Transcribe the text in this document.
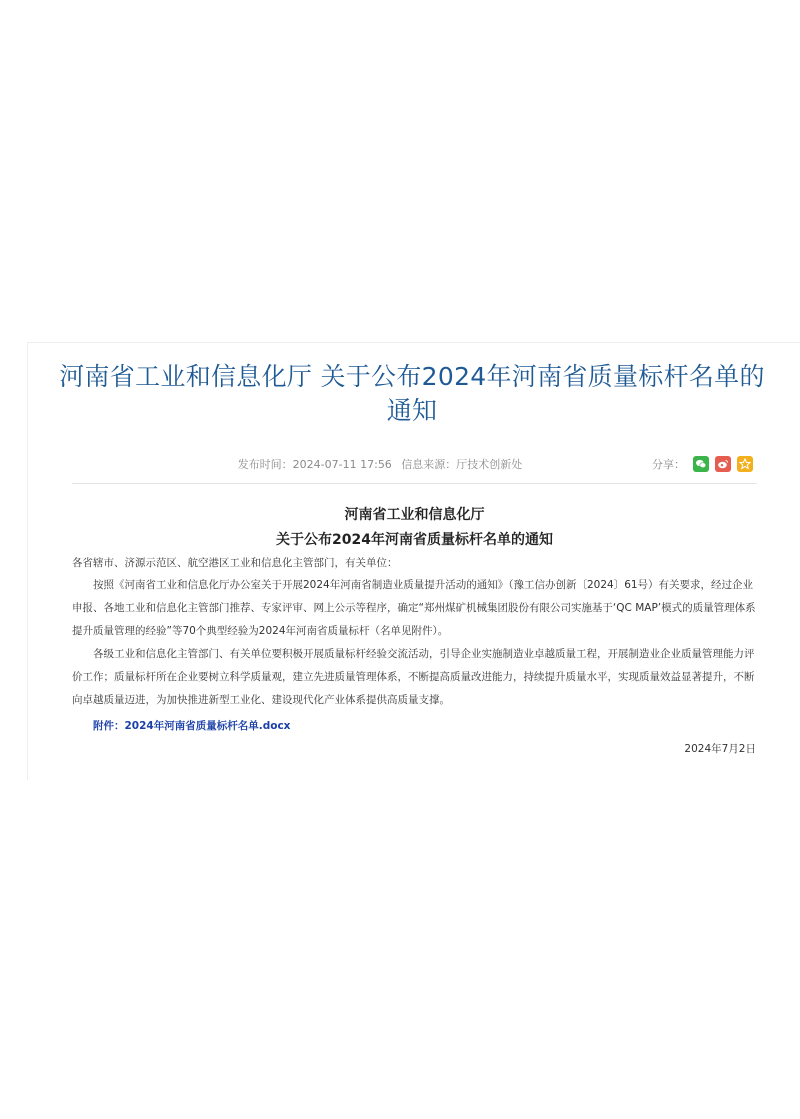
河南省工业和信息化厅 关于公布2024年河南省质量标杆名单的通知
发布时间：2024-07-11 17:56 信息来源：厅技术创新处	分享：
河南省工业和信息化厅
关于公布2024年河南省质量标杆名单的通知
各省辖市、济源示范区、航空港区工业和信息化主管部门，有关单位：
按照《河南省工业和信息化厅办公室关于开展2024年河南省制造业质量提升活动的通知》（豫工信办创新〔2024〕61号）有关要求，经过企业申报、各地工业和信息化主管部门推荐、专家评审、网上公示等程序，确定“郑州煤矿机械集团股份有限公司实施基于‘QC MAP’模式的质量管理体系提升质量管理的经验”等70个典型经验为2024年河南省质量标杆（名单见附件）。
各级工业和信息化主管部门、有关单位要积极开展质量标杆经验交流活动，引导企业实施制造业卓越质量工程，开展制造业企业质量管理能力评价工作；质量标杆所在企业要树立科学质量观，建立先进质量管理体系，不断提高质量改进能力，持续提升质量水平，实现质量效益显著提升，不断向卓越质量迈进，为加快推进新型工业化、建设现代化产业体系提供高质量支撑。
附件：2024年河南省质量标杆名单.docx
2024年7月2日
